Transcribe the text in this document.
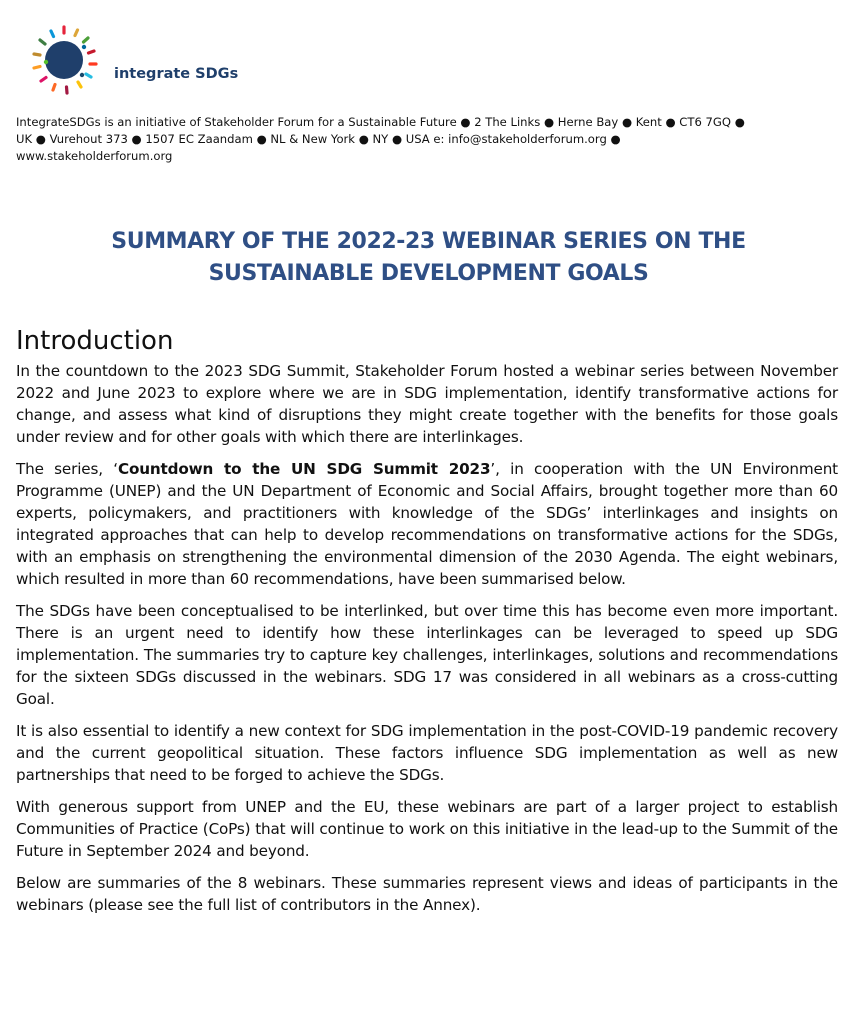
integrate SDGs
IntegrateSDGs is an initiative of Stakeholder Forum for a Sustainable Future ● 2 The Links ● Herne Bay ● Kent ● CT6 7GQ ●
UK ● Vurehout 373 ● 1507 EC Zaandam ● NL & New York ● NY ● USA e: info@stakeholderforum.org ●
www.stakeholderforum.org
SUMMARY OF THE 2022-23 WEBINAR SERIES ON THE
SUSTAINABLE DEVELOPMENT GOALS
Introduction

In the countdown to the 2023 SDG Summit, Stakeholder Forum hosted a webinar series between November 2022 and June 2023 to explore where we are in SDG implementation, identify transformative actions for change, and assess what kind of disruptions they might create together with the benefits for those goals under review and for other goals with which there are interlinkages.

The series, ‘Countdown to the UN SDG Summit 2023’, in cooperation with the UN Environment Programme (UNEP) and the UN Department of Economic and Social Affairs, brought together more than 60 experts, policymakers, and practitioners with knowledge of the SDGs’ interlinkages and insights on integrated approaches that can help to develop recommendations on transformative actions for the SDGs, with an emphasis on strengthening the environmental dimension of the 2030 Agenda. The eight webinars, which resulted in more than 60 recommendations, have been summarised below.

The SDGs have been conceptualised to be interlinked, but over time this has become even more important. There is an urgent need to identify how these interlinkages can be leveraged to speed up SDG implementation. The summaries try to capture key challenges, interlinkages, solutions and recommendations for the sixteen SDGs discussed in the webinars. SDG 17 was considered in all webinars as a cross-cutting Goal.

It is also essential to identify a new context for SDG implementation in the post-COVID-19 pandemic recovery and the current geopolitical situation. These factors influence SDG implementation as well as new partnerships that need to be forged to achieve the SDGs.

With generous support from UNEP and the EU, these webinars are part of a larger project to establish Communities of Practice (CoPs) that will continue to work on this initiative in the lead-up to the Summit of the Future in September 2024 and beyond.

Below are summaries of the 8 webinars. These summaries represent views and ideas of participants in the webinars (please see the full list of contributors in the Annex).
